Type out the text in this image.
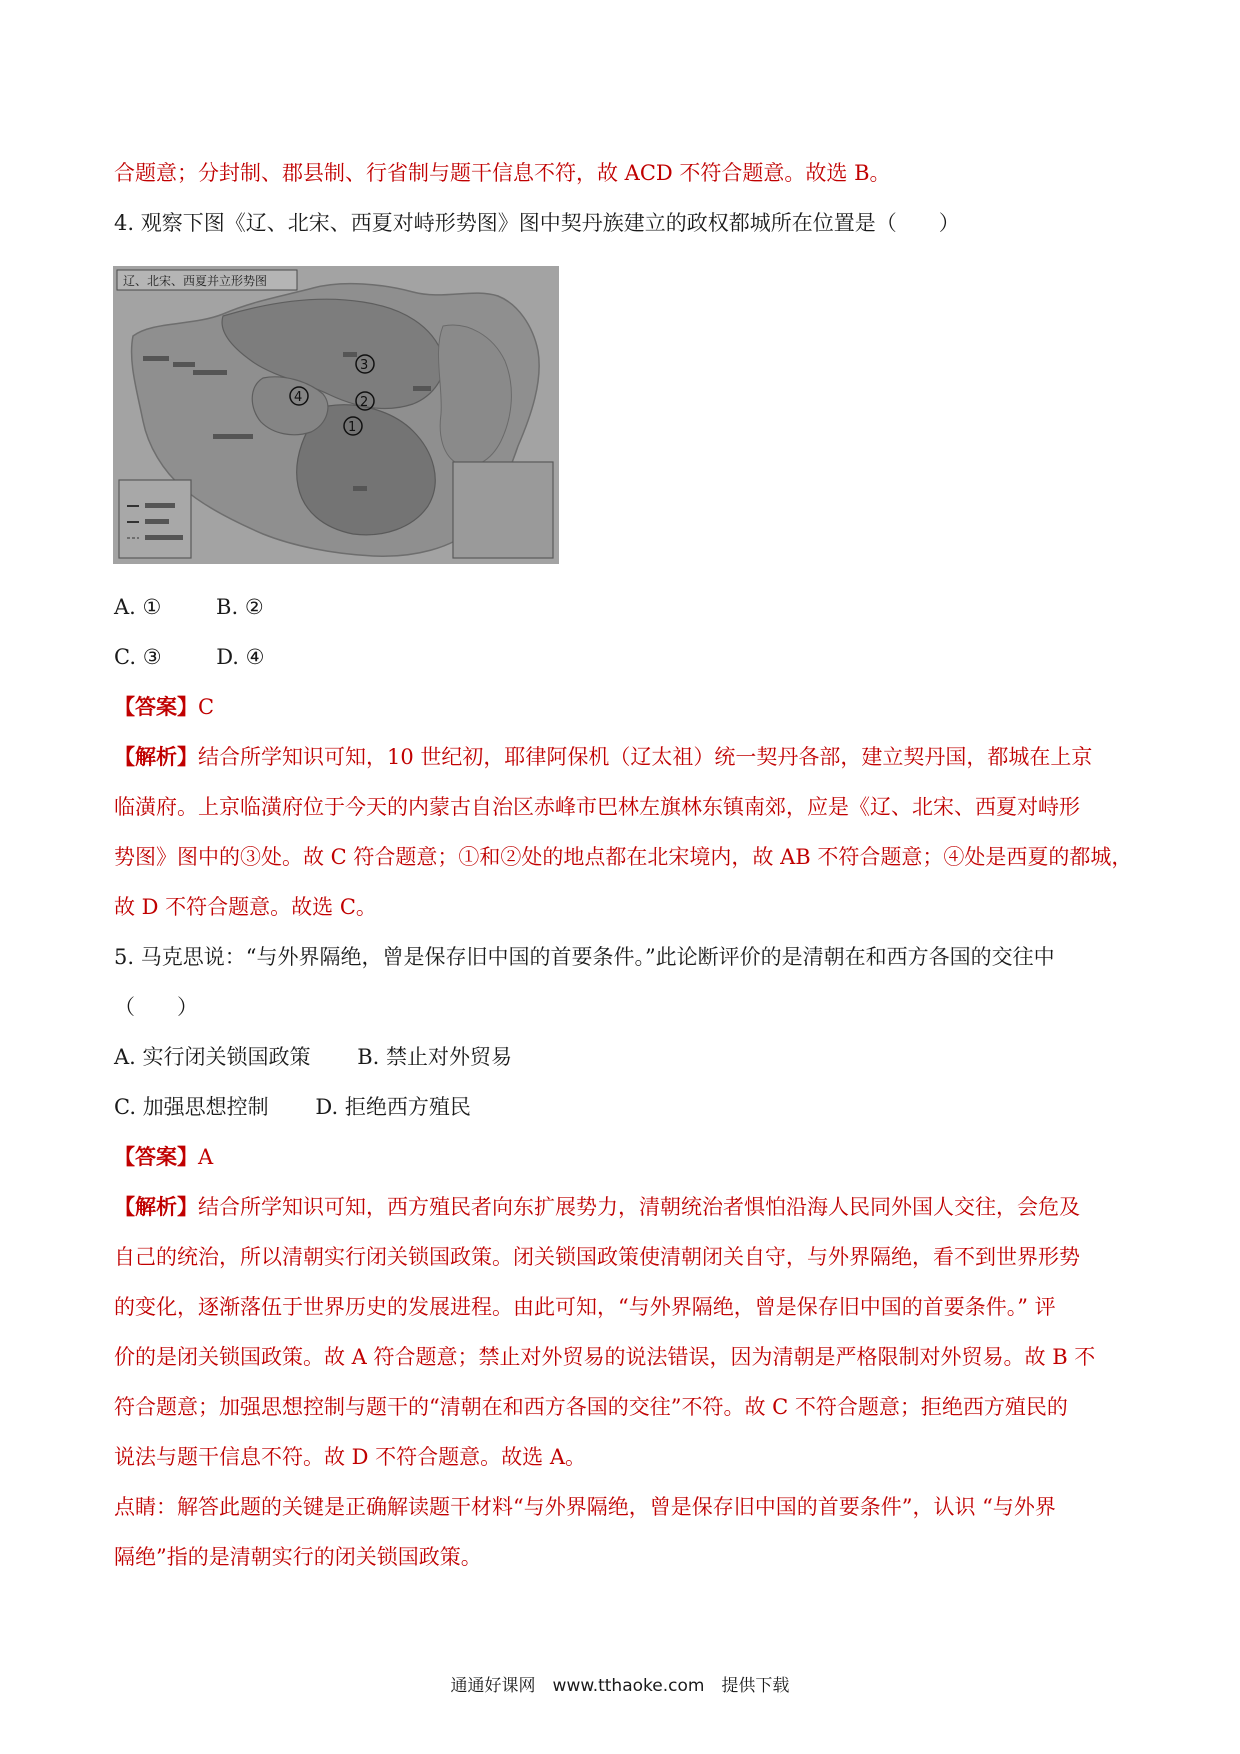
合题意；分封制、郡县制、行省制与题干信息不符，故 ACD 不符合题意。故选 B。
4. 观察下图《辽、北宋、西夏对峙形势图》图中契丹族建立的政权都城所在位置是（　　）
辽、北宋、西夏并立形势图
1
2
3
4
A. ①	B. ②
C. ③	D. ④
【答案】C
【解析】结合所学知识可知，10 世纪初，耶律阿保机（辽太祖）统一契丹各部，建立契丹国，都城在上京
临潢府。上京临潢府位于今天的内蒙古自治区赤峰市巴林左旗林东镇南郊，应是《辽、北宋、西夏对峙形
势图》图中的③处。故 C 符合题意；①和②处的地点都在北宋境内，故 AB 不符合题意；④处是西夏的都城，
故 D 不符合题意。故选 C。
5. 马克思说：“与外界隔绝，曾是保存旧中国的首要条件。”此论断评价的是清朝在和西方各国的交往中
（　　）
A. 实行闭关锁国政策 B. 禁止对外贸易
C. 加强思想控制 D. 拒绝西方殖民
【答案】A
【解析】结合所学知识可知，西方殖民者向东扩展势力，清朝统治者惧怕沿海人民同外国人交往，会危及
自己的统治，所以清朝实行闭关锁国政策。闭关锁国政策使清朝闭关自守，与外界隔绝，看不到世界形势
的变化，逐渐落伍于世界历史的发展进程。由此可知，“与外界隔绝，曾是保存旧中国的首要条件。” 评
价的是闭关锁国政策。故 A 符合题意；禁止对外贸易的说法错误，因为清朝是严格限制对外贸易。故 B 不
符合题意；加强思想控制与题干的“清朝在和西方各国的交往”不符。故 C 不符合题意；拒绝西方殖民的
说法与题干信息不符。故 D 不符合题意。故选 A。
点睛：解答此题的关键是正确解读题干材料“与外界隔绝，曾是保存旧中国的首要条件”，认识 “与外界
隔绝”指的是清朝实行的闭关锁国政策。
通通好课网　www.tthaoke.com　提供下载
